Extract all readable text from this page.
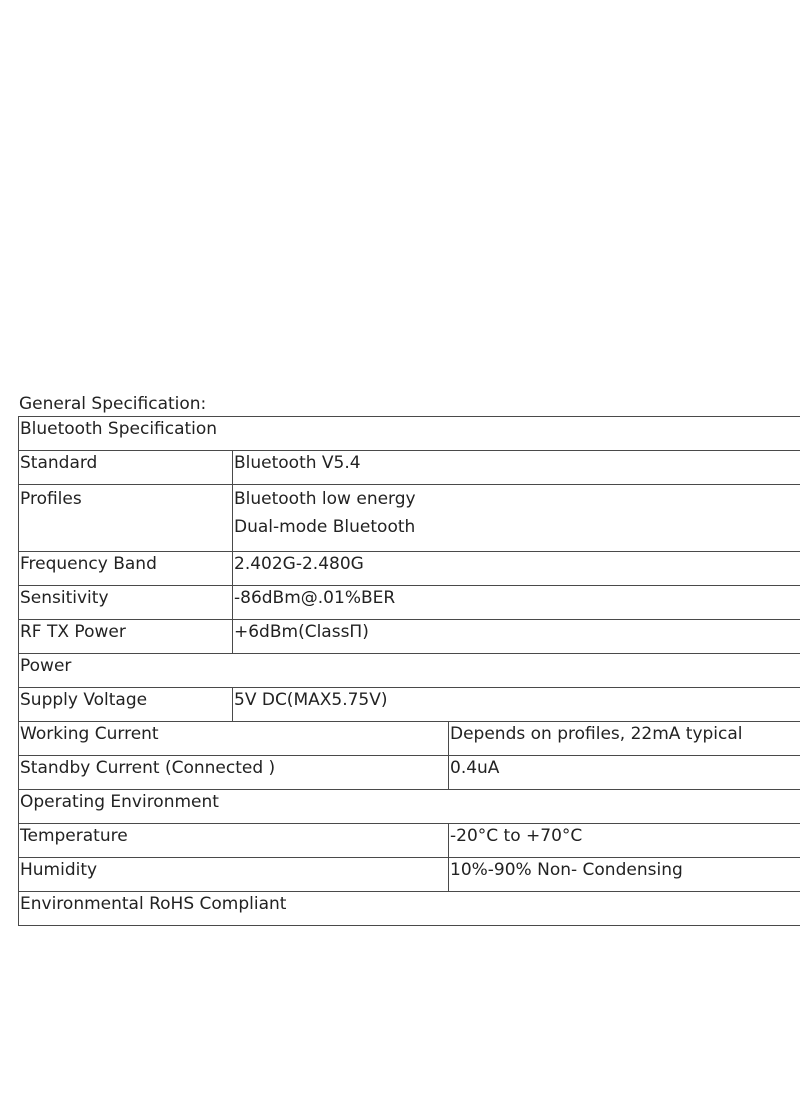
General Specification:
Bluetooth Specification		
Standard	Bluetooth V5.4	
Profiles	Bluetooth low energy
Dual-mode Bluetooth	

Frequency Band	2.402G-2.480G	
Sensitivity	-86dBm@.01%BER	
RF TX Power	+6dBm(ClassΠ)	
Power		
Supply Voltage	5V DC(MAX5.75V)	
Working Current		Depends on profiles, 22mA typical
Standby Current (Connected )		0.4uA
Operating Environment		
Temperature		-20°C to +70°C
Humidity		10%-90% Non- Condensing
Environmental RoHS Compliant		
